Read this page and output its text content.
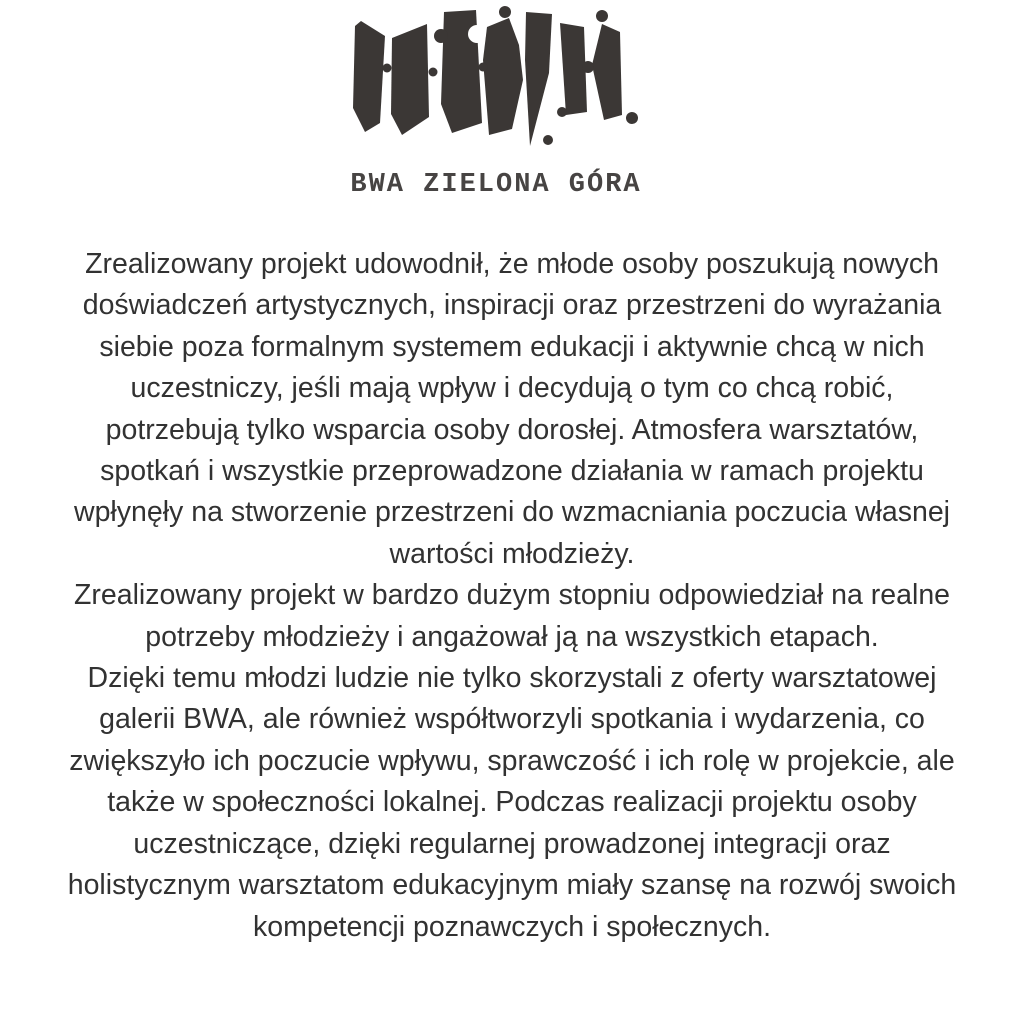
BWA ZIELONA GÓRA
Zrealizowany projekt udowodnił, że młode osoby poszukują nowych
doświadczeń artystycznych, inspiracji oraz przestrzeni do wyrażania
siebie poza formalnym systemem edukacji i aktywnie chcą w nich
uczestniczy, jeśli mają wpływ i decydują o tym co chcą robić,
potrzebują tylko wsparcia osoby dorosłej. Atmosfera warsztatów,
spotkań i wszystkie przeprowadzone działania w ramach projektu
wpłynęły na stworzenie przestrzeni do wzmacniania poczucia własnej
wartości młodzieży.
Zrealizowany projekt w bardzo dużym stopniu odpowiedział na realne
potrzeby młodzieży i angażował ją na wszystkich etapach.
Dzięki temu młodzi ludzie nie tylko skorzystali z oferty warsztatowej
galerii BWA, ale również współtworzyli spotkania i wydarzenia, co
zwiększyło ich poczucie wpływu, sprawczość i ich rolę w projekcie, ale
także w społeczności lokalnej. Podczas realizacji projektu osoby
uczestniczące, dzięki regularnej prowadzonej integracji oraz
holistycznym warsztatom edukacyjnym miały szansę na rozwój swoich
kompetencji poznawczych i społecznych.
